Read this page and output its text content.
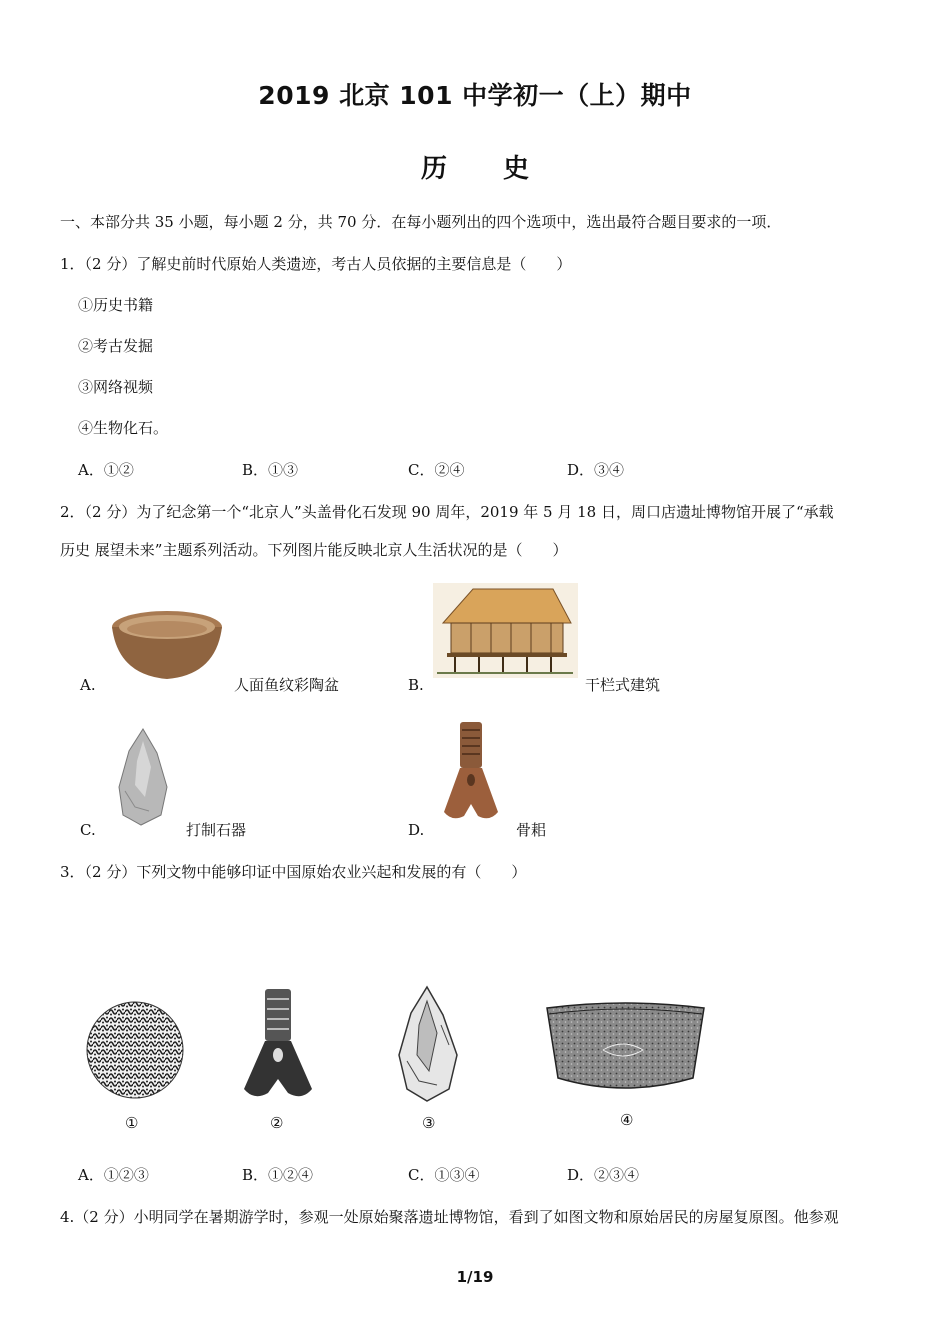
2019 北京 101 中学初一（上）期中
历史
一、本部分共 35 小题，每小题 2 分，共 70 分．在每小题列出的四个选项中，选出最符合题目要求的一项．
1．（2 分）了解史前时代原始人类遗迹，考古人员依据的主要信息是（　　）
①历史书籍
②考古发掘
③网络视频
④生物化石。
A．①②	B．①③	C．②④	D．③④
2．（2 分）为了纪念第一个“北京人”头盖骨化石发现 90 周年，2019 年 5 月 18 日，周口店遗址博物馆开展了“承载
历史 展望未来”主题系列活动。下列图片能反映北京人生活状况的是（　　）
A.	人面鱼纹彩陶盆	B.	干栏式建筑
C.	打制石器	D.	骨耜
3．（2 分）下列文物中能够印证中国原始农业兴起和发展的有（　　）
①	②	③	④
A．①②③	B．①②④	C．①③④	D．②③④
4.（2 分）小明同学在暑期游学时，参观一处原始聚落遗址博物馆，看到了如图文物和原始居民的房屋复原图。他参观
1/19
